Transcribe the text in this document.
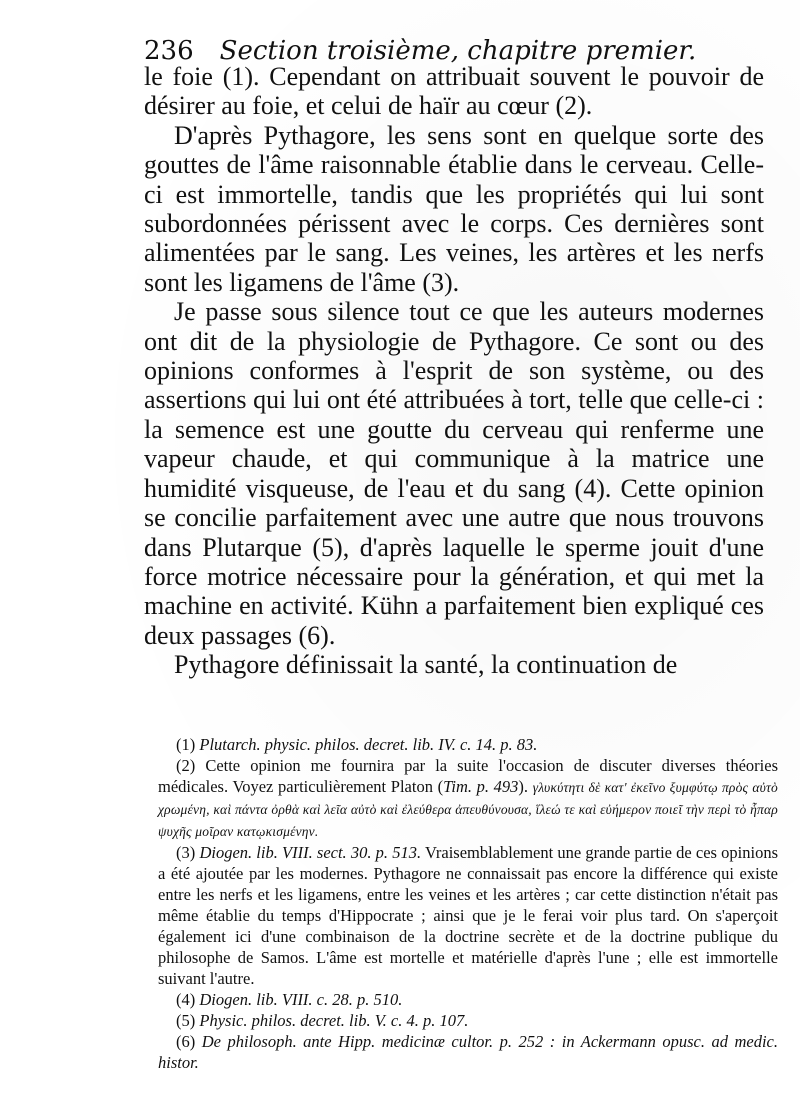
236 Section troisième, chapitre premier.

le foie (1). Cependant on attribuait souvent le pouvoir de désirer au foie, et celui de haïr au cœur (2).

D'après Pythagore, les sens sont en quelque sorte des gouttes de l'âme raisonnable établie dans le cerveau. Celle-ci est immortelle, tandis que les propriétés qui lui sont subordonnées périssent avec le corps. Ces dernières sont alimentées par le sang. Les veines, les artères et les nerfs sont les ligamens de l'âme (3).

Je passe sous silence tout ce que les auteurs modernes ont dit de la physiologie de Pythagore. Ce sont ou des opinions conformes à l'esprit de son système, ou des assertions qui lui ont été attribuées à tort, telle que celle-ci : la semence est une goutte du cerveau qui renferme une vapeur chaude, et qui communique à la matrice une humidité visqueuse, de l'eau et du sang (4). Cette opinion se concilie parfaitement avec une autre que nous trouvons dans Plutarque (5), d'après laquelle le sperme jouit d'une force motrice nécessaire pour la génération, et qui met la machine en activité. Kühn a parfaitement bien expliqué ces deux passages (6).

Pythagore définissait la santé, la continuation de

(1) Plutarch. physic. philos. decret. lib. IV. c. 14. p. 83.

(2) Cette opinion me fournira par la suite l'occasion de discuter diverses théories médicales. Voyez particulièrement Platon (Tim. p. 493). γλυκύτητι δὲ κατ' ἐκεῖνο ξυμφύτῳ πρὸς αὐτὸ χρωμένη, καὶ πάντα ὀρθὰ καὶ λεῖα αὐτὸ καὶ ἐλεύθερα ἀπευθύνουσα, ἵλεώ τε καὶ εὐήμερον ποιεῖ τὴν περὶ τὸ ἧπαρ ψυχῆς μοῖραν κατῳκισμένην.

(3) Diogen. lib. VIII. sect. 30. p. 513. Vraisemblablement une grande partie de ces opinions a été ajoutée par les modernes. Pythagore ne connaissait pas encore la différence qui existe entre les nerfs et les ligamens, entre les veines et les artères ; car cette distinction n'était pas même établie du temps d'Hippocrate ; ainsi que je le ferai voir plus tard. On s'aperçoit également ici d'une combinaison de la doctrine secrète et de la doctrine publique du philosophe de Samos. L'âme est mortelle et matérielle d'après l'une ; elle est immortelle suivant l'autre.

(4) Diogen. lib. VIII. c. 28. p. 510.

(5) Physic. philos. decret. lib. V. c. 4. p. 107.

(6) De philosoph. ante Hipp. medicinæ cultor. p. 252 : in Ackermann opusc. ad medic. histor.
